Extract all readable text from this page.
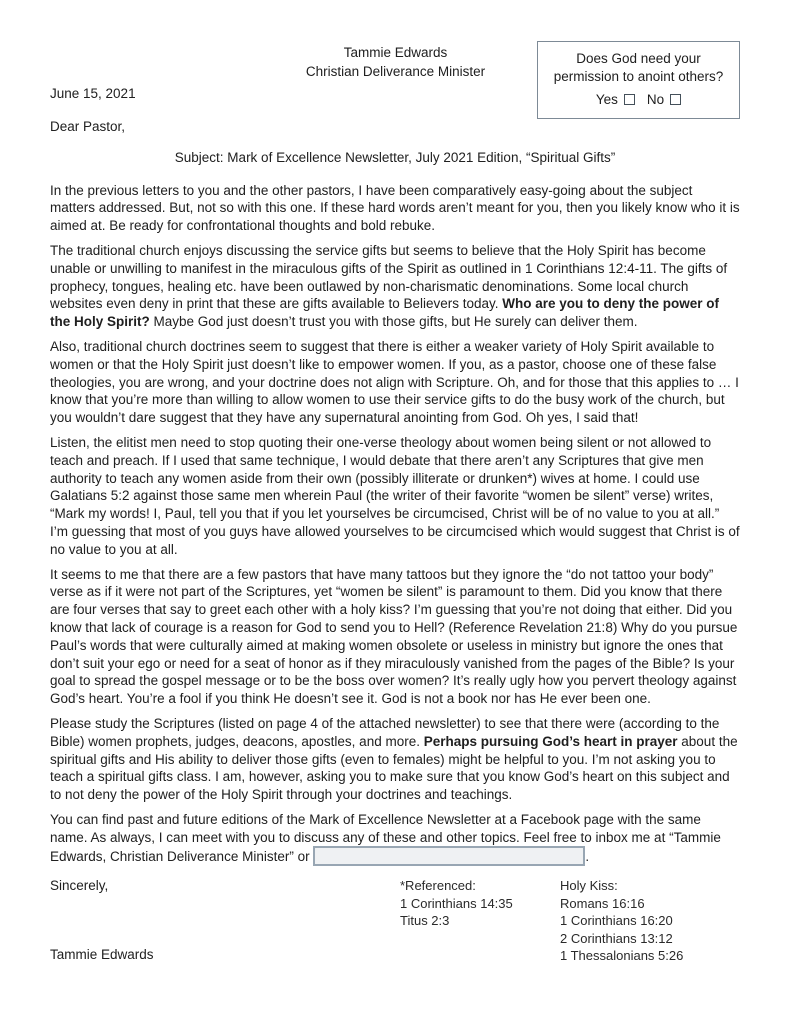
Tammie Edwards
Christian Deliverance Minister
Does God need your permission to anoint others?
Yes No
June 15, 2021

Dear Pastor,

Subject: Mark of Excellence Newsletter, July 2021 Edition, “Spiritual Gifts”

In the previous letters to you and the other pastors, I have been comparatively easy-going about the subject matters addressed. But, not so with this one. If these hard words aren’t meant for you, then you likely know who it is aimed at. Be ready for confrontational thoughts and bold rebuke.

The traditional church enjoys discussing the service gifts but seems to believe that the Holy Spirit has become unable or unwilling to manifest in the miraculous gifts of the Spirit as outlined in 1 Corinthians 12:4-11. The gifts of prophecy, tongues, healing etc. have been outlawed by non-charismatic denominations. Some local church websites even deny in print that these are gifts available to Believers today. Who are you to deny the power of the Holy Spirit? Maybe God just doesn’t trust you with those gifts, but He surely can deliver them.

Also, traditional church doctrines seem to suggest that there is either a weaker variety of Holy Spirit available to women or that the Holy Spirit just doesn’t like to empower women. If you, as a pastor, choose one of these false theologies, you are wrong, and your doctrine does not align with Scripture. Oh, and for those that this applies to … I know that you’re more than willing to allow women to use their service gifts to do the busy work of the church, but you wouldn’t dare suggest that they have any supernatural anointing from God. Oh yes, I said that!

Listen, the elitist men need to stop quoting their one-verse theology about women being silent or not allowed to teach and preach. If I used that same technique, I would debate that there aren’t any Scriptures that give men authority to teach any women aside from their own (possibly illiterate or drunken*) wives at home. I could use Galatians 5:2 against those same men wherein Paul (the writer of their favorite “women be silent” verse) writes, “Mark my words! I, Paul, tell you that if you let yourselves be circumcised, Christ will be of no value to you at all.” I’m guessing that most of you guys have allowed yourselves to be circumcised which would suggest that Christ is of no value to you at all.

It seems to me that there are a few pastors that have many tattoos but they ignore the “do not tattoo your body” verse as if it were not part of the Scriptures, yet “women be silent” is paramount to them. Did you know that there are four verses that say to greet each other with a holy kiss? I’m guessing that you’re not doing that either. Did you know that lack of courage is a reason for God to send you to Hell? (Reference Revelation 21:8) Why do you pursue Paul’s words that were culturally aimed at making women obsolete or useless in ministry but ignore the ones that don’t suit your ego or need for a seat of honor as if they miraculously vanished from the pages of the Bible? Is your goal to spread the gospel message or to be the boss over women? It’s really ugly how you pervert theology against God’s heart. You’re a fool if you think He doesn’t see it. God is not a book nor has He ever been one.

Please study the Scriptures (listed on page 4 of the attached newsletter) to see that there were (according to the Bible) women prophets, judges, deacons, apostles, and more. Perhaps pursuing God’s heart in prayer about the spiritual gifts and His ability to deliver those gifts (even to females) might be helpful to you. I’m not asking you to teach a spiritual gifts class. I am, however, asking you to make sure that you know God’s heart on this subject and to not deny the power of the Holy Spirit through your doctrines and teachings.

You can find past and future editions of the Mark of Excellence Newsletter at a Facebook page with the same name. As always, I can meet with you to discuss any of these and other topics. Feel free to inbox me at “Tammie Edwards, Christian Deliverance Minister” or	.

Sincerely,	*Referenced:
1 Corinthians 14:35
Titus 2:3
Holy Kiss:
Romans 16:16
1 Corinthians 16:20
2 Corinthians 13:12
1 Thessalonians 5:26
Tammie Edwards
